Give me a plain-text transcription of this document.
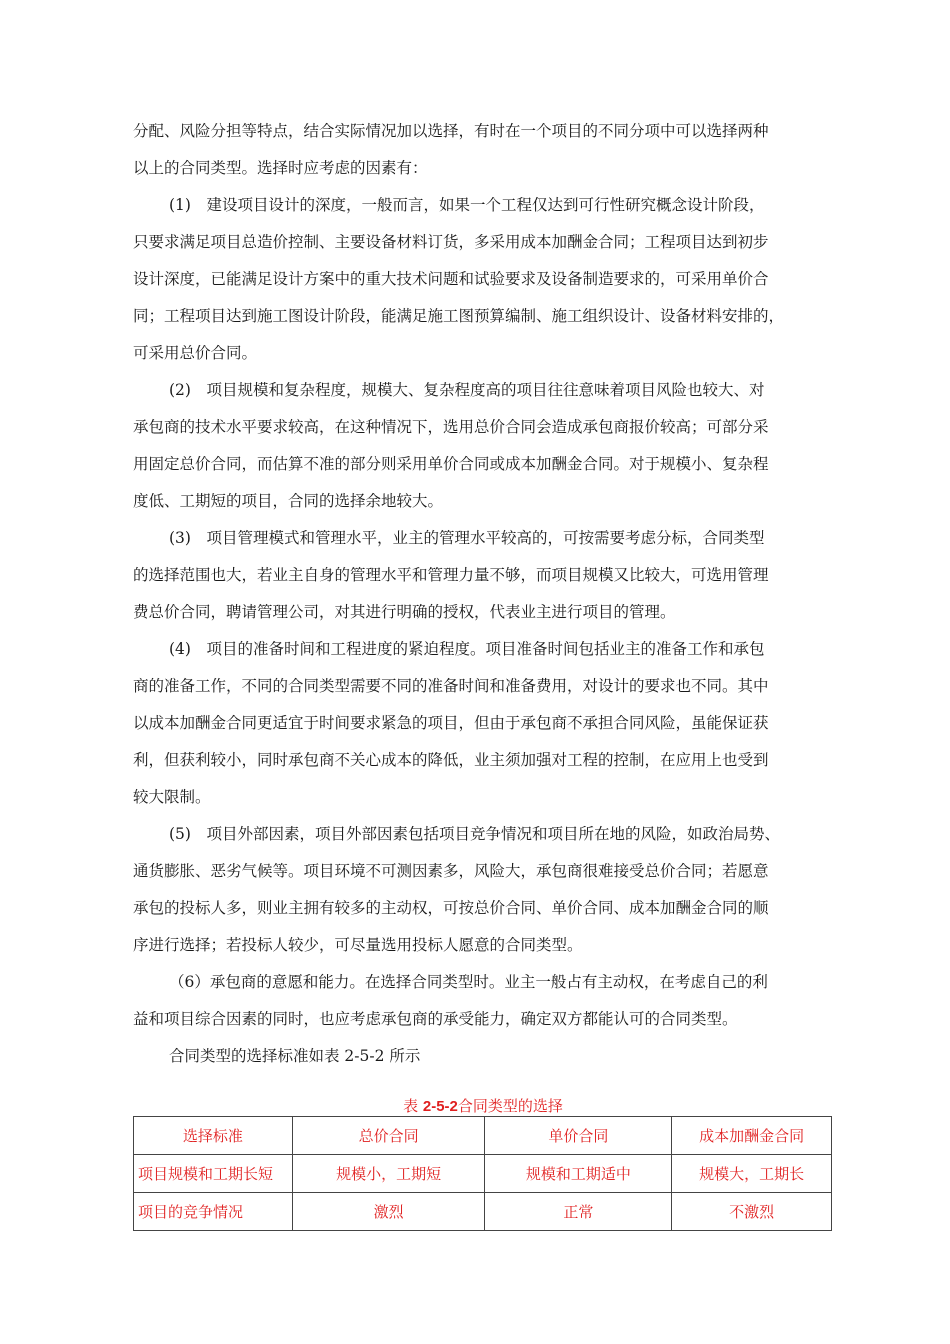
分配、风险分担等特点，结合实际情况加以选择，有时在一个项目的不同分项中可以选择两种
以上的合同类型。选择时应考虑的因素有：
(1)　建设项目设计的深度，一般而言，如果一个工程仅达到可行性研究概念设计阶段，
只要求满足项目总造价控制、主要设备材料订货，多采用成本加酬金合同；工程项目达到初步
设计深度，已能满足设计方案中的重大技术问题和试验要求及设备制造要求的，可采用单价合
同；工程项目达到施工图设计阶段，能满足施工图预算编制、施工组织设计、设备材料安排的，
可采用总价合同。
(2)　项目规模和复杂程度，规模大、复杂程度高的项目往往意味着项目风险也较大、对
承包商的技术水平要求较高，在这种情况下，选用总价合同会造成承包商报价较高；可部分采
用固定总价合同，而估算不准的部分则采用单价合同或成本加酬金合同。对于规模小、复杂程
度低、工期短的项目，合同的选择余地较大。
(3)　项目管理模式和管理水平，业主的管理水平较高的，可按需要考虑分标，合同类型
的选择范围也大，若业主自身的管理水平和管理力量不够，而项目规模又比较大，可选用管理
费总价合同，聘请管理公司，对其进行明确的授权，代表业主进行项目的管理。
(4)　项目的准备时间和工程进度的紧迫程度。项目准备时间包括业主的准备工作和承包
商的准备工作，不同的合同类型需要不同的准备时间和准备费用，对设计的要求也不同。其中
以成本加酬金合同更适宜于时间要求紧急的项目，但由于承包商不承担合同风险，虽能保证获
利，但获利较小，同时承包商不关心成本的降低，业主须加强对工程的控制，在应用上也受到
较大限制。
(5)　项目外部因素，项目外部因素包括项目竞争情况和项目所在地的风险，如政治局势、
通货膨胀、恶劣气候等。项目环境不可测因素多，风险大，承包商很难接受总价合同；若愿意
承包的投标人多，则业主拥有较多的主动权，可按总价合同、单价合同、成本加酬金合同的顺
序进行选择；若投标人较少，可尽量选用投标人愿意的合同类型。
（6）承包商的意愿和能力。在选择合同类型时。业主一般占有主动权，在考虑自己的利
益和项目综合因素的同时，也应考虑承包商的承受能力，确定双方都能认可的合同类型。
合同类型的选择标准如表 2-5-2 所示
表 2-5-2合同类型的选择
选择标准	总价合同	单价合同	成本加酬金合同
项目规模和工期长短	规模小，工期短	规模和工期适中	规模大，工期长
项目的竞争情况	激烈	正常	不激烈
